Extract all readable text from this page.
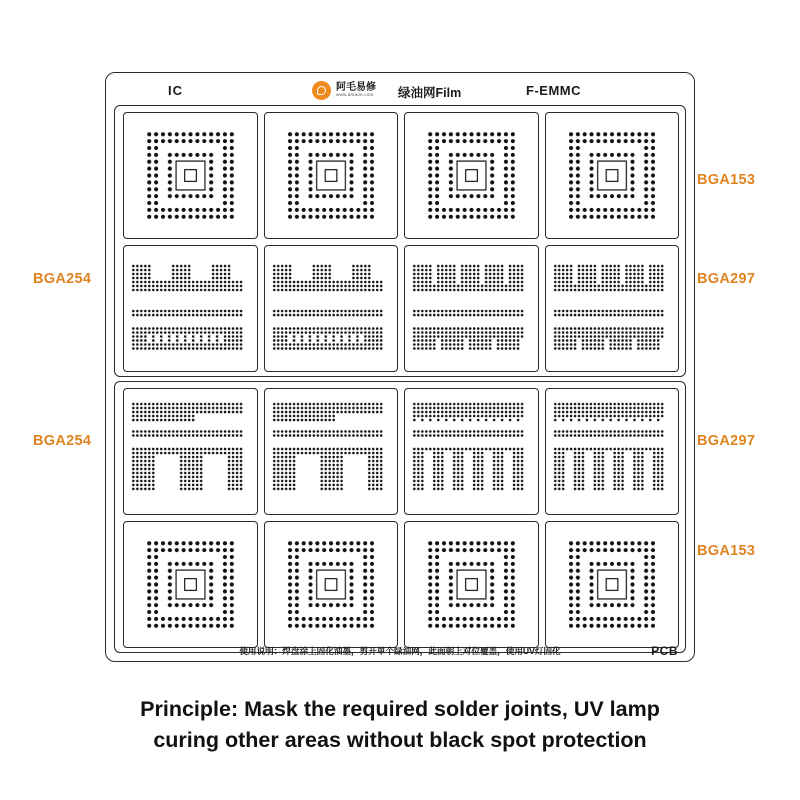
IC	阿毛易修
www.amaoe.com 绿油网Film	F-EMMC
使用说明：焊盘涂上固化油墨，剪开单个绿油网，此面朝上对位覆盖，使用UV灯固化	PCB
BGA153
BGA254	BGA297
BGA254	BGA297
BGA153
Principle: Mask the required solder joints, UV lamp
curing other areas without black spot protection
